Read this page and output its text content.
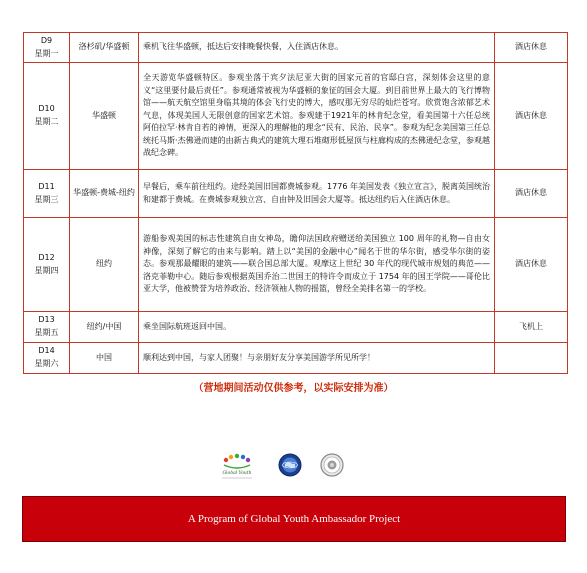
D9
星期一	洛杉矶/华盛顿	乘机飞往华盛顿，抵达后安排晚餐快餐，入住酒店休息。	酒店休息

D10
星期二	华盛顿	全天游览华盛顿特区。参观坐落于宾夕法尼亚大街的国家元首的官邸白宫，深刻体会这里的意义“这里要付最后责任”。参观通常被视为华盛顿的象征的国会大厦。到目前世界上最大的飞行博物馆——航天航空馆里身临其境的体会飞行史的博大，感叹那无穷尽的灿烂苍穹。欣赏饱含浓郁艺术气息，体现美国人无限创意的国家艺术馆。参观建于1921年的林肯纪念堂，看美国第十六任总统阿伯拉罕·林肯自若的神情，更深入的理解他的理念“民有、民治、民享”。参观为纪念美国第三任总统托马斯·杰佛逊而建的由新古典式的建筑大理石堆砌形低屋顶与柱廊构成的杰佛逊纪念堂，参观越战纪念碑。	酒店休息

D11
星期三	华盛顿-费城-纽约	早餐后，乘车前往纽约。途经美国旧国都费城参观。1776 年美国发表《独立宣言》，脱离英国统治和建都于费城。在费城参观独立宫、自由钟及旧国会大厦等。抵达纽约后入住酒店休息。	酒店休息

D12
星期四	纽约	游船参观美国的标志性建筑自由女神岛，瞻仰法国政府赠送给美国独立 100 周年的礼物—自由女神像，深刻了解它的由来与影响。踏上以“美国的金融中心”闻名于世的华尔街，感受华尔街的姿态。参观那最耀眼的建筑——联合国总部大厦。观摩这上世纪 30 年代的现代城市规划的典范——洛克菲勒中心。随后参观根据英国乔治二世国王的特许令而成立于 1754 年的国王学院——哥伦比亚大学，他被赞誉为培养政治、经济领袖人物的摇篮，曾经全美排名第一的学校。	酒店休息

D13
星期五	纽约/中国	乘坐国际航班返回中国。	飞机上

D14
星期六	中国	顺利达到中国，与家人团聚！与亲朋好友分享美国游学所见所学！	
（营地期间活动仅供参考，以实际安排为准）
Global Youth
A Program of Global Youth Ambassador Project
